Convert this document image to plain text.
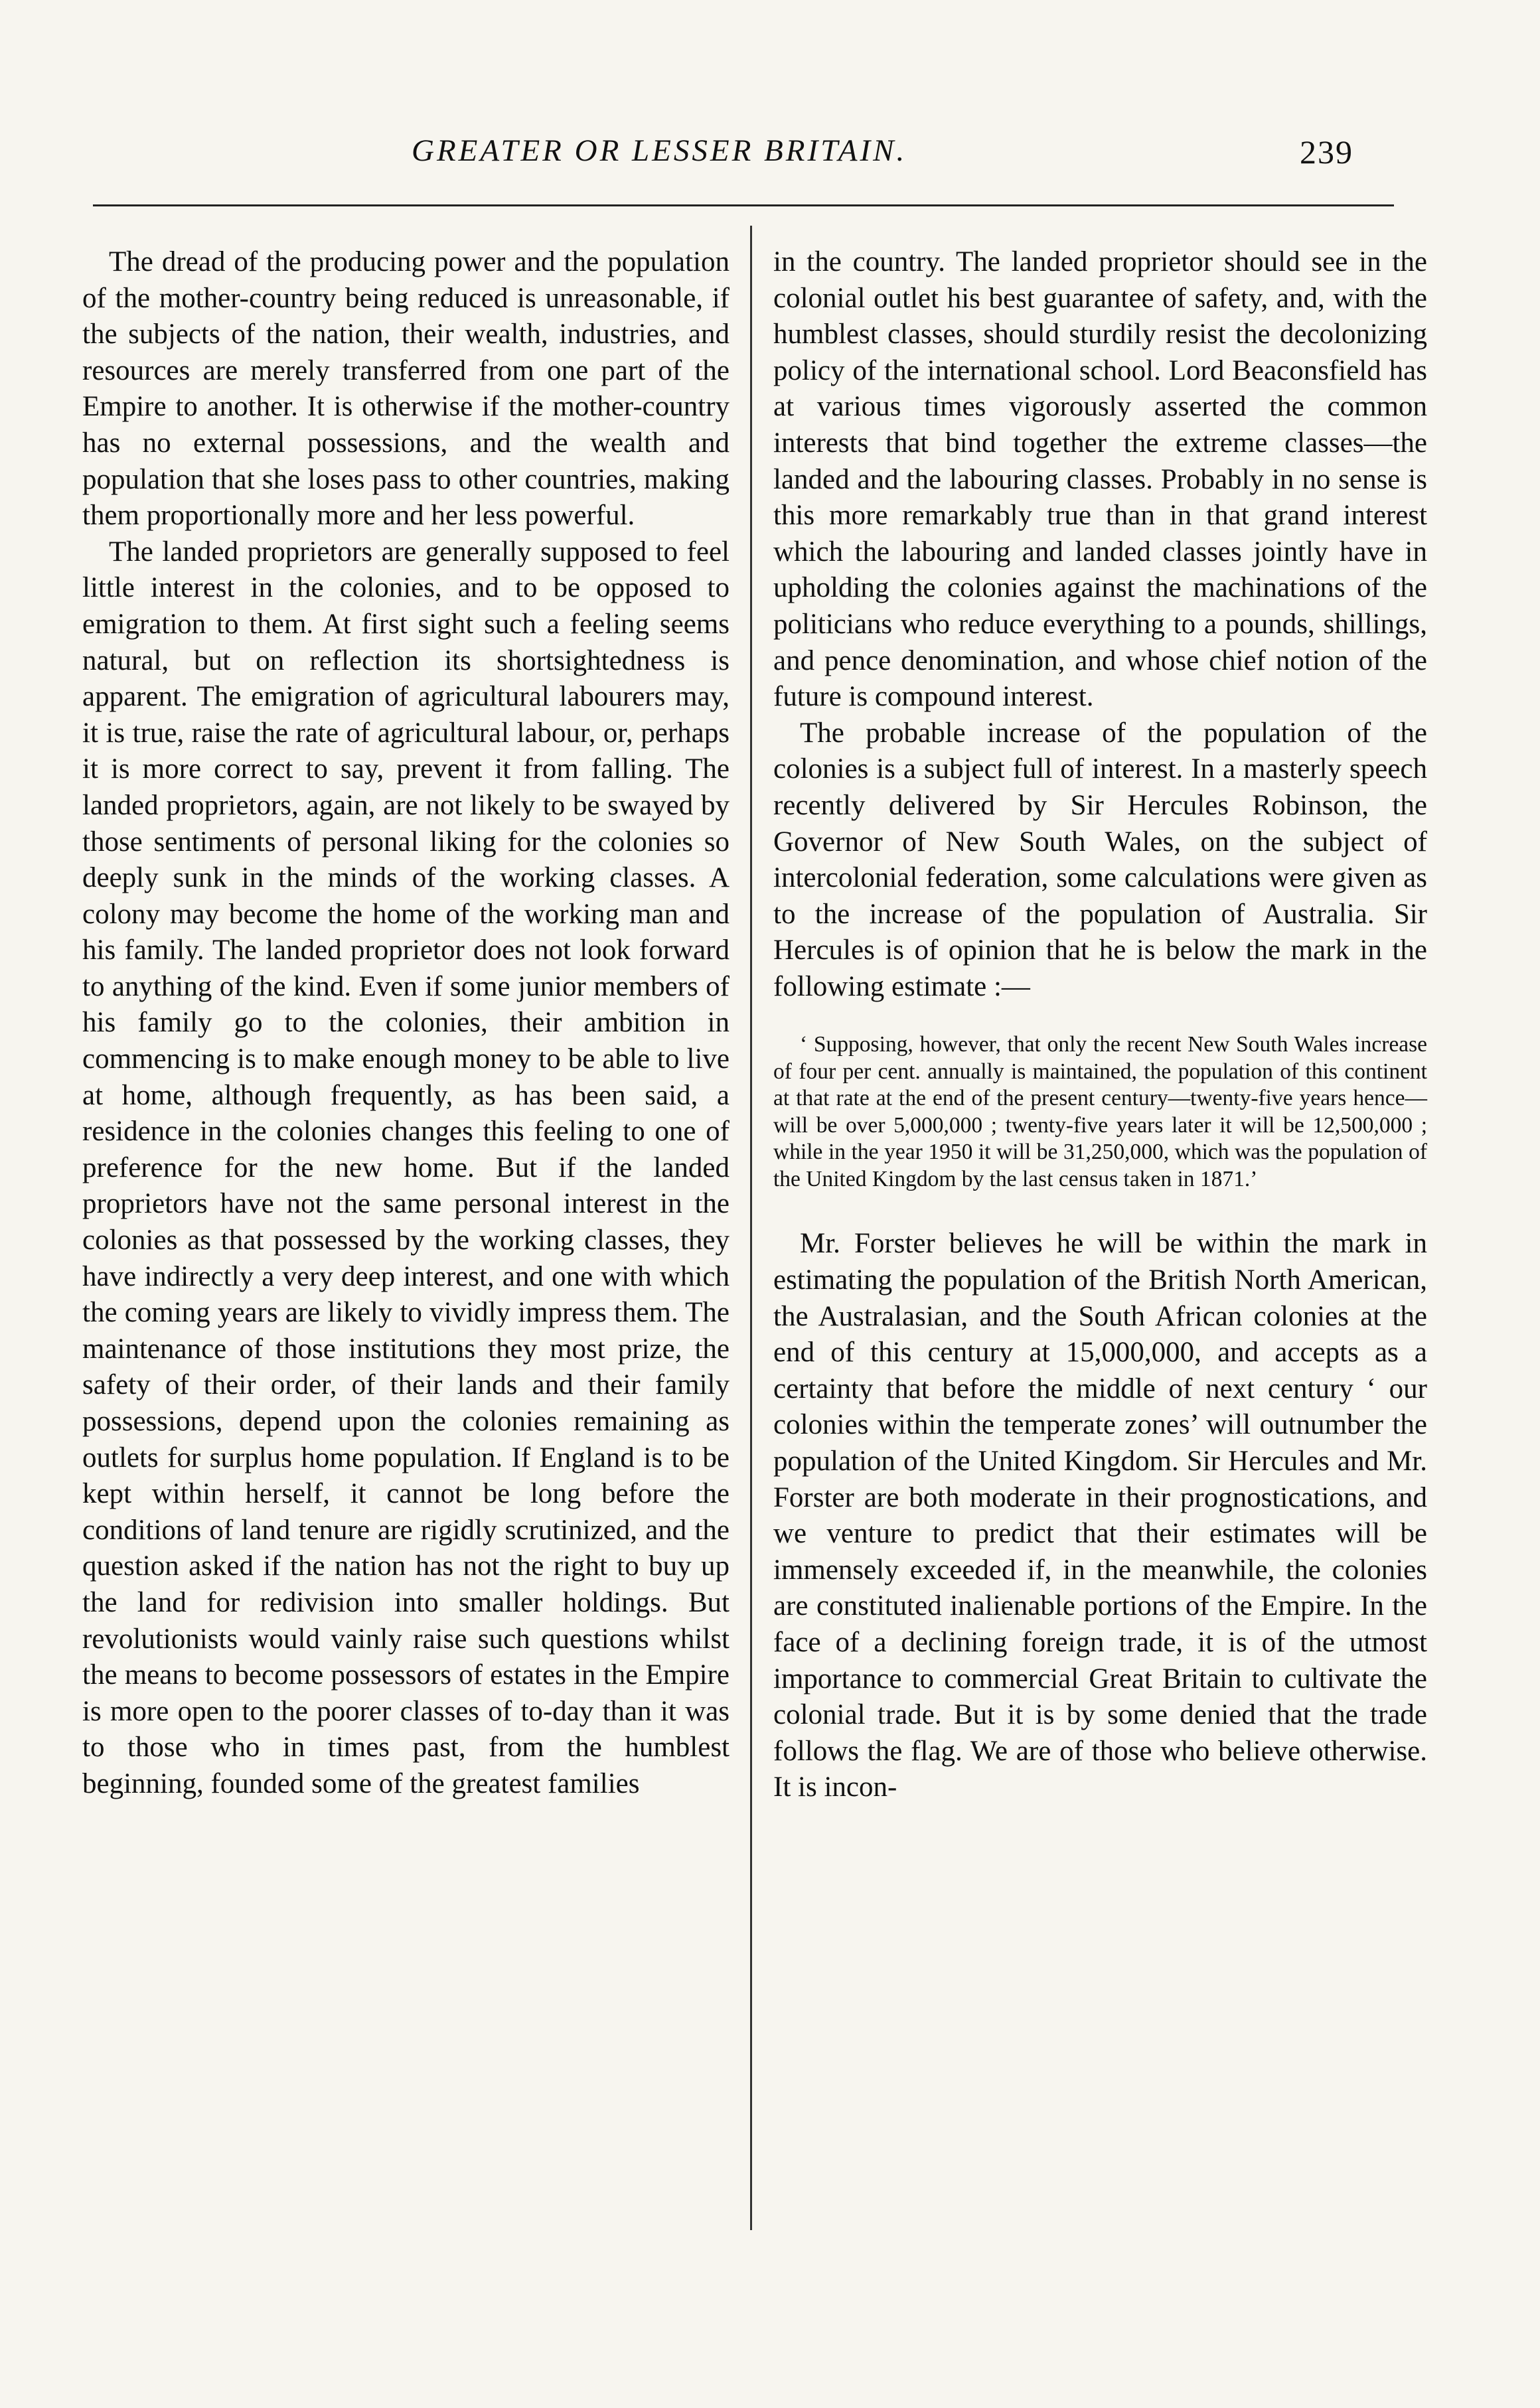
GREATER OR LESSER BRITAIN.	239

The dread of the producing power and the population of the mother-country being reduced is unreasonable, if the subjects of the nation, their wealth, industries, and resources are merely transferred from one part of the Empire to another. It is otherwise if the mother-country has no external possessions, and the wealth and population that she loses pass to other countries, making them proportionally more and her less powerful.

The landed proprietors are generally supposed to feel little interest in the colonies, and to be opposed to emigration to them. At first sight such a feeling seems natural, but on reflection its shortsightedness is apparent. The emigration of agricultural labourers may, it is true, raise the rate of agricultural labour, or, perhaps it is more correct to say, prevent it from falling. The landed proprietors, again, are not likely to be swayed by those sentiments of personal liking for the colonies so deeply sunk in the minds of the working classes. A colony may become the home of the working man and his family. The landed proprietor does not look forward to anything of the kind. Even if some junior members of his family go to the colonies, their ambition in commencing is to make enough money to be able to live at home, although frequently, as has been said, a residence in the colonies changes this feeling to one of preference for the new home. But if the landed proprietors have not the same personal interest in the colonies as that possessed by the working classes, they have indirectly a very deep interest, and one with which the coming years are likely to vividly impress them. The maintenance of those institutions they most prize, the safety of their order, of their lands and their family possessions, depend upon the colonies remaining as outlets for surplus home population. If England is to be kept within herself, it cannot be long before the conditions of land tenure are rigidly scrutinized, and the question asked if the nation has not the right to buy up the land for redivision into smaller holdings. But revolutionists would vainly raise such questions whilst the means to become possessors of estates in the Empire is more open to the poorer classes of to-day than it was to those who in times past, from the humblest beginning, founded some of the greatest families

in the country. The landed proprietor should see in the colonial outlet his best guarantee of safety, and, with the humblest classes, should sturdily resist the decolonizing policy of the international school. Lord Beaconsfield has at various times vigorously asserted the common interests that bind together the extreme classes—the landed and the labouring classes. Probably in no sense is this more remarkably true than in that grand interest which the labouring and landed classes jointly have in upholding the colonies against the machinations of the politicians who reduce everything to a pounds, shillings, and pence denomination, and whose chief notion of the future is compound interest.

The probable increase of the population of the colonies is a subject full of interest. In a masterly speech recently delivered by Sir Hercules Robinson, the Governor of New South Wales, on the subject of intercolonial federation, some calculations were given as to the increase of the population of Australia. Sir Hercules is of opinion that he is below the mark in the following estimate :—

‘ Supposing, however, that only the recent New South Wales increase of four per cent. annually is maintained, the population of this continent at that rate at the end of the present century—twenty-five years hence—will be over 5,000,000 ; twenty-five years later it will be 12,500,000 ; while in the year 1950 it will be 31,250,000, which was the population of the United Kingdom by the last census taken in 1871.’

Mr. Forster believes he will be within the mark in estimating the population of the British North American, the Australasian, and the South African colonies at the end of this century at 15,000,000, and accepts as a certainty that before the middle of next century ‘ our colonies within the temperate zones’ will outnumber the population of the United Kingdom. Sir Hercules and Mr. Forster are both moderate in their prognostications, and we venture to predict that their estimates will be immensely exceeded if, in the meanwhile, the colonies are constituted inalienable portions of the Empire. In the face of a declining foreign trade, it is of the utmost importance to commercial Great Britain to cultivate the colonial trade. But it is by some denied that the trade follows the flag. We are of those who believe otherwise. It is incon-
